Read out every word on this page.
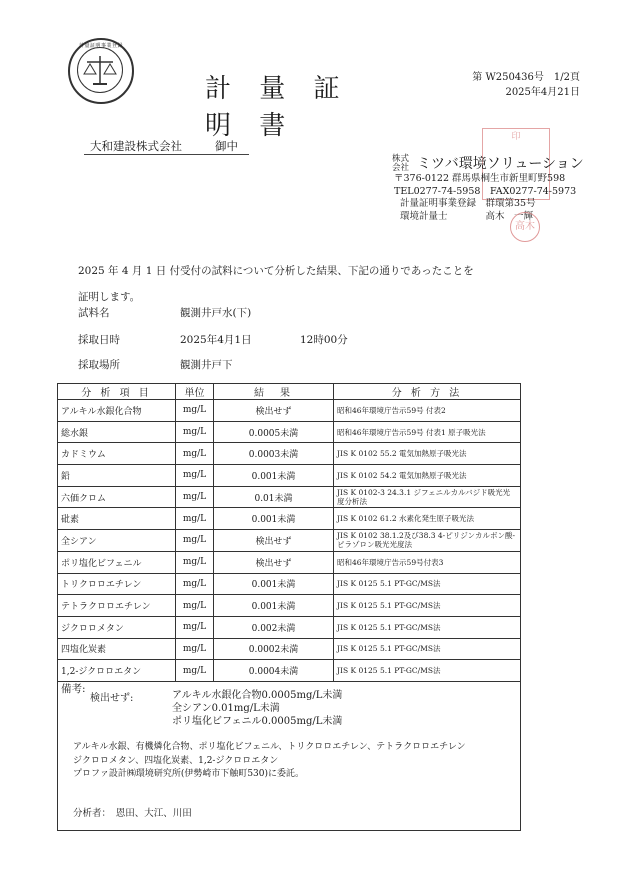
計量証明事業登録
計 量 証 明 書
第 W250436号　1/2頁
2025年4月21日
大和建設株式会社	御中
印
株式会社 ミツバ環境ソリューション
〒376-0122 群馬県桐生市新里町野598
TEL0277-74-5958　FAX0277-74-5973
計量証明事業登録　群環第35号
環境計量士　　　　高木　一輝
高木
2025 年 4 月 1 日 付受付の試料について分析した結果、下記の通りであったことを
証明します。
試料名	観測井戸水(下)
採取日時	2025年4月1日	12時00分
採取場所	観測井戸下
分 析 項 目	単位	結　果	分 析 方 法
アルキル水銀化合物	mg/L	検出せず	昭和46年環境庁告示59号 付表2
総水銀	mg/L	0.0005未満	昭和46年環境庁告示59号 付表1 原子吸光法
カドミウム	mg/L	0.0003未満	JIS K 0102 55.2 電気加熱原子吸光法
鉛	mg/L	0.001未満	JIS K 0102 54.2 電気加熱原子吸光法
六価クロム	mg/L	0.01未満	JIS K 0102-3 24.3.1 ジフェニルカルバジド吸光光度分析法
砒素	mg/L	0.001未満	JIS K 0102 61.2 水素化発生原子吸光法
全シアン	mg/L	検出せず	JIS K 0102 38.1.2及び38.3 4-ピリジンカルボン酸-ピラゾロン吸光光度法
ポリ塩化ビフェニル	mg/L	検出せず	昭和46年環境庁告示59号付表3
トリクロロエチレン	mg/L	0.001未満	JIS K 0125 5.1 PT-GC/MS法
テトラクロロエチレン	mg/L	0.001未満	JIS K 0125 5.1 PT-GC/MS法
ジクロロメタン	mg/L	0.002未満	JIS K 0125 5.1 PT-GC/MS法
四塩化炭素	mg/L	0.0002未満	JIS K 0125 5.1 PT-GC/MS法
1,2-ジクロロエタン	mg/L	0.0004未満	JIS K 0125 5.1 PT-GC/MS法
備考:
検出せず:	アルキル水銀化合物0.0005mg/L未満
全シアン0.01mg/L未満
ポリ塩化ビフェニル0.0005mg/L未満
アルキル水銀、有機燐化合物、ポリ塩化ビフェニル、トリクロロエチレン、テトラクロロエチレン
ジクロロメタン、四塩化炭素、1,2-ジクロロエタン
プロファ設計㈱環境研究所(伊勢崎市下触町530)に委託。
分析者：　恩田、大江、川田
